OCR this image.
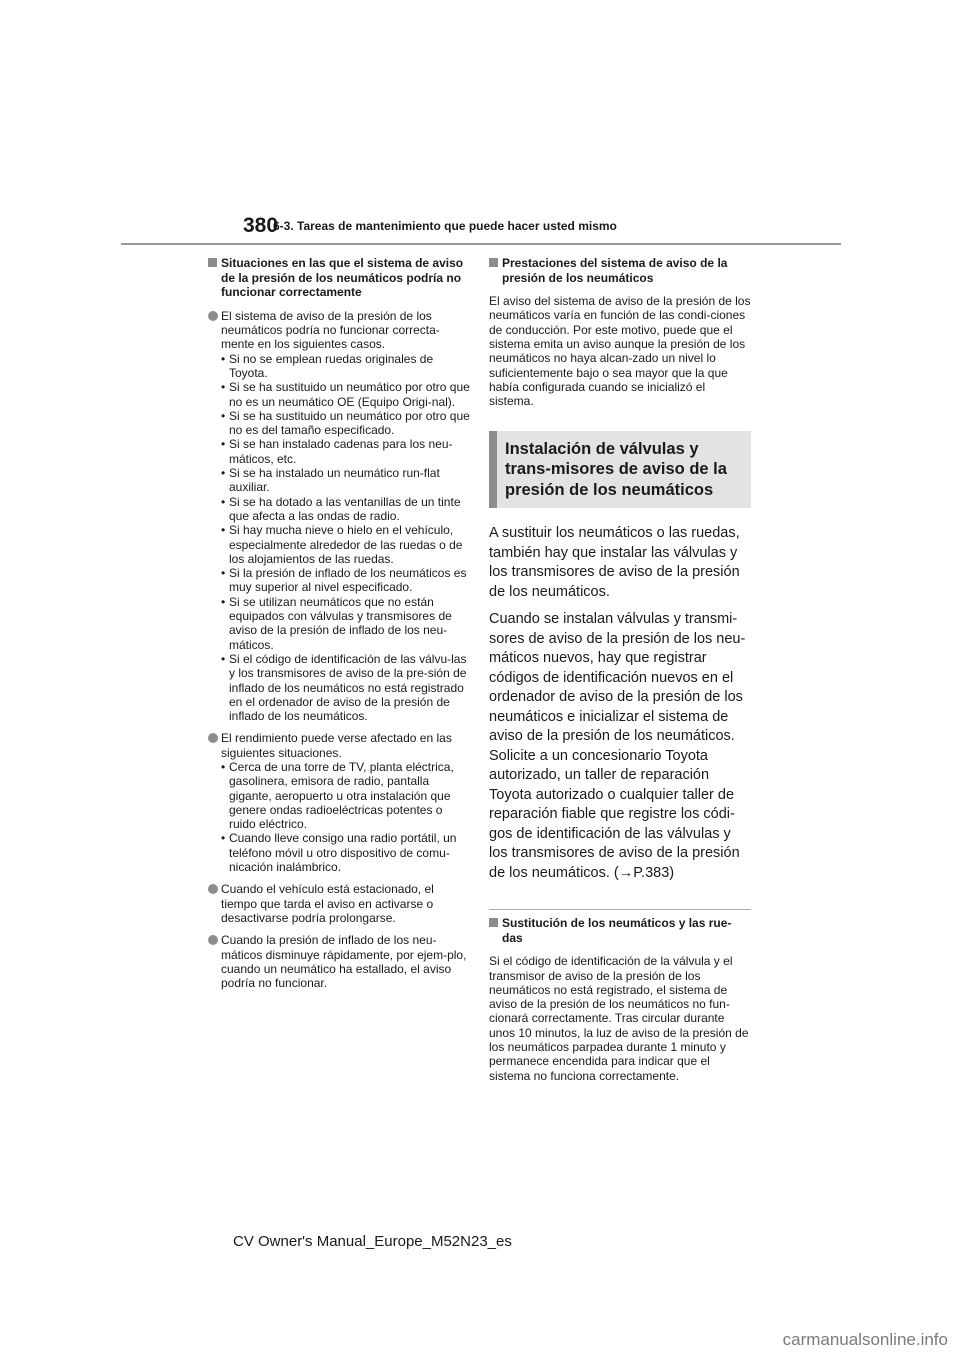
380
6-3. Tareas de mantenimiento que puede hacer usted mismo
Situaciones en las que el sistema de aviso de la presión de los neumáticos podría no funcionar correctamente
El sistema de aviso de la presión de los neumáticos podría no funcionar correcta-mente en los siguientes casos.
• Si no se emplean ruedas originales de Toyota.
• Si se ha sustituido un neumático por otro que no es un neumático OE (Equipo Origi-nal).
• Si se ha sustituido un neumático por otro que no es del tamaño especificado.
• Si se han instalado cadenas para los neu-máticos, etc.
• Si se ha instalado un neumático run-flat auxiliar.
• Si se ha dotado a las ventanillas de un tinte que afecta a las ondas de radio.
• Si hay mucha nieve o hielo en el vehículo, especialmente alrededor de las ruedas o de los alojamientos de las ruedas.
• Si la presión de inflado de los neumáticos es muy superior al nivel especificado.
• Si se utilizan neumáticos que no están equipados con válvulas y transmisores de aviso de la presión de inflado de los neu-máticos.
• Si el código de identificación de las válvu-las y los transmisores de aviso de la pre-sión de inflado de los neumáticos no está registrado en el ordenador de aviso de la presión de inflado de los neumáticos.
El rendimiento puede verse afectado en las siguientes situaciones.
• Cerca de una torre de TV, planta eléctrica, gasolinera, emisora de radio, pantalla gigante, aeropuerto u otra instalación que genere ondas radioeléctricas potentes o ruido eléctrico.
• Cuando lleve consigo una radio portátil, un teléfono móvil u otro dispositivo de comu-nicación inalámbrico.
Cuando el vehículo está estacionado, el tiempo que tarda el aviso en activarse o desactivarse podría prolongarse.
Cuando la presión de inflado de los neu-máticos disminuye rápidamente, por ejem-plo, cuando un neumático ha estallado, el aviso podría no funcionar.
Prestaciones del sistema de aviso de la presión de los neumáticos

El aviso del sistema de aviso de la presión de los neumáticos varía en función de las condi-ciones de conducción. Por este motivo, puede que el sistema emita un aviso aunque la presión de los neumáticos no haya alcan-zado un nivel lo suficientemente bajo o sea mayor que la que había configurada cuando se inicializó el sistema.

Instalación de válvulas y trans-misores de aviso de la presión de los neumáticos

A sustituir los neumáticos o las ruedas, también hay que instalar las válvulas y los transmisores de aviso de la presión de los neumáticos.

Cuando se instalan válvulas y transmi-sores de aviso de la presión de los neu-máticos nuevos, hay que registrar códigos de identificación nuevos en el ordenador de aviso de la presión de los neumáticos e inicializar el sistema de aviso de la presión de los neumáticos. Solicite a un concesionario Toyota autorizado, un taller de reparación Toyota autorizado o cualquier taller de reparación fiable que registre los códi-gos de identificación de las válvulas y los transmisores de aviso de la presión de los neumáticos. (→P.383)

Sustitución de los neumáticos y las rue-das

Si el código de identificación de la válvula y el transmisor de aviso de la presión de los neumáticos no está registrado, el sistema de aviso de la presión de los neumáticos no fun-cionará correctamente. Tras circular durante unos 10 minutos, la luz de aviso de la presión de los neumáticos parpadea durante 1 minuto y permanece encendida para indicar que el sistema no funciona correctamente.

CV Owner's Manual_Europe_M52N23_es
carmanualsonline.info
